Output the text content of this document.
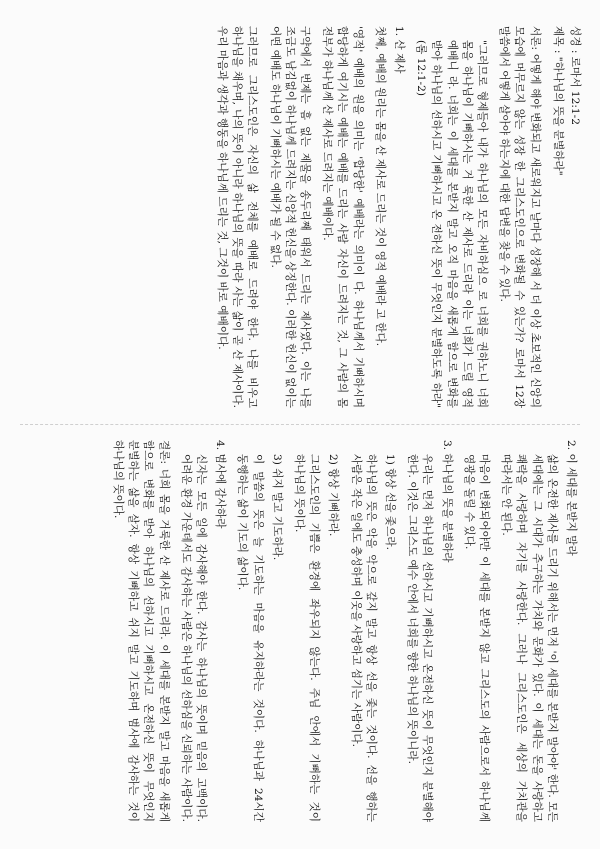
성경 : 로마서 12:1-2

제목 : "하나님의 뜻을 분별하라"

서론: 어떻게 해야 변화되고 새로워지고 날마다 성장해 서 더 이상 초보적인 신앙의 모습에 머무르지 않는 성장 한 그리스도인으로 변화될 수 있는가? 로마서 12장 말씀에서 어떻게 살아야 하는지에 대한 답변을 찾을 수 있다.

"그러므로 형제들아 내가 하나님의 모든 자비하심으 로 너희를 권하노니 너희 몸을 하나님이 기뻐하시는 거 룩한 산 제사로 드리라 이는 너희가 드릴 영적 예배니 라. 너희는 이 세대를 본받지 말고 오직 마음을 새롭게 함으로 변화를 받아 하나님의 선하시고 기뻐하시고 온 전하신 뜻이 무엇인지 분별하도록 하라"(롬 12:1-2)

1. 산 제사

첫째, 예배의 원리는 몸을 산 제사로 드리는 것이 영적 예배라 고 한다.

'영적' 예배의 원을 의미는 '합당한' 예배라는 의미이 다. 하나님께서 기뻐하시며 합당하게 여기시는 예배는 예배를 드리는 사람 자신이 드려지는 것, 그 사람의 몸 전부가 하나님께 산 제사로 드려지는 예배이다.

구약에서 번제는 흠 없는 제물을 송두리째 태워서 드리는 제사였다. 이는 나를 조금도 남김없이 하나님께 드려지는 신앙적 헌신을 상징한다. 이러한 헌신이 없이는 어떤 예배도 하나님이 기뻐하시는 예배가 될 수 없다.

그러므로 그리스도인은 자신의 삶 전체를 예배로 드려야 한다. 나를 비우고 하나님을 채우며, 나의 뜻이 아니라 하나님의 뜻을 따라 사는 삶이 곧 산 제사이다. 우리 마음과 생각과 행동을 하나님께 드리는 것, 그것이 바로 예배이다.

2. 이 세대를 본받지 말라

삶의 온전한 제사를 드리기 위해서는 먼저 '이 세대를 본받지 말아야' 한다. 모든 세대에는 그 시대가 추구하는 가치와 문화가 있다. 이 세대는 돈을 사랑하고 쾌락을 사랑하며 자기를 사랑한다. 그러나 그리스도인은 세상의 가치관을 따라서는 안 된다.

마음이 변화되어야만 이 세대를 본받지 않고 그리스도의 사람으로서 하나님께 영광을 돌릴 수 있다.

3. 하나님의 뜻을 분별하라

우리는 먼저 하나님의 선하시고 기뻐하시고 온전하신 뜻이 무엇인지 분별해야 한다. 이것은 그리스도 예수 안에서 너희를 향한 하나님의 뜻이니라.

1) 항상 선을 좇으라.

하나님의 뜻은 악을 악으로 갚지 말고 항상 선을 좇는 것이다. 선을 행하는 사람은 작은 일에도 충성하며 이웃을 사랑하고 섬기는 사람이다.

2) 항상 기뻐하라.

그리스도인의 기쁨은 환경에 좌우되지 않는다. 주님 안에서 기뻐하는 것이 하나님의 뜻이다.

3) 쉬지 말고 기도하라.

이 말씀의 뜻은 늘 기도하는 마음을 유지하라는 것이다. 하나님과 24시간 동행하는 삶이 기도의 삶이다.

4. 범사에 감사하라

신자는 모든 일에 감사해야 한다. 감사는 하나님의 뜻이며 믿음의 고백이다. 어려운 환경 가운데서도 감사하는 사람은 하나님의 선하심을 신뢰하는 사람이다.

결론: 너희 몸을 거룩한 산 제사로 드리라. 이 세대를 본받지 말고 마음을 새롭게 함으로 변화를 받아 하나님의 선하시고 기뻐하시고 온전하신 뜻이 무엇인지 분별하는 삶을 살자. 항상 기뻐하고 쉬지 말고 기도하며 범사에 감사하는 것이 하나님의 뜻이다.
